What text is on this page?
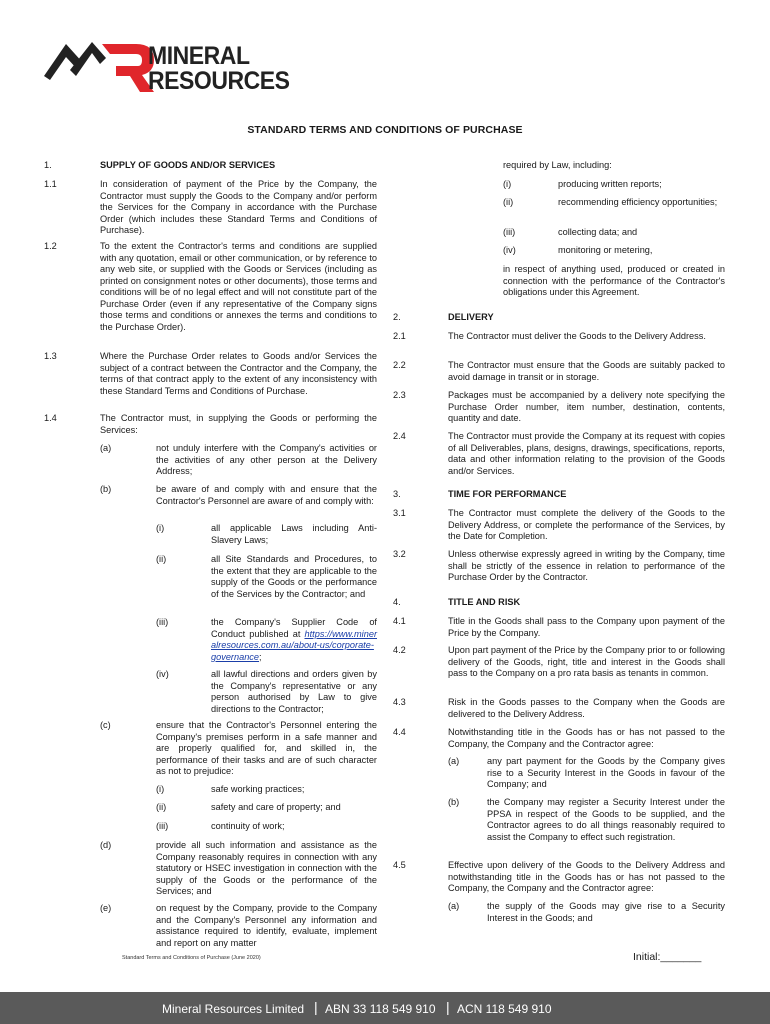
MINERAL
RESOURCES
STANDARD TERMS AND CONDITIONS OF PURCHASE
1.	SUPPLY OF GOODS AND/OR SERVICES
1.1	In consideration of payment of the Price by the Company, the Contractor must supply the Goods to the Company and/or perform the Services for the Company in accordance with the Purchase Order (which includes these Standard Terms and Conditions of Purchase).
1.2	To the extent the Contractor's terms and conditions are supplied with any quotation, email or other communication, or by reference to any web site, or supplied with the Goods or Services (including as printed on consignment notes or other documents), those terms and conditions will be of no legal effect and will not constitute part of the Purchase Order (even if any representative of the Company signs those terms and conditions or annexes the terms and conditions to the Purchase Order).
1.3	Where the Purchase Order relates to Goods and/or Services the subject of a contract between the Contractor and the Company, the terms of that contract apply to the extent of any inconsistency with these Standard Terms and Conditions of Purchase.
1.4	The Contractor must, in supplying the Goods or performing the Services:
(a)	not unduly interfere with the Company's activities or the activities of any other person at the Delivery Address;
(b)	be aware of and comply with and ensure that the Contractor's Personnel are aware of and comply with:
(i)	all applicable Laws including Anti-Slavery Laws;
(ii)	all Site Standards and Procedures, to the extent that they are applicable to the supply of the Goods or the performance of the Services by the Contractor; and
(iii)	the Company's Supplier Code of Conduct published at https://www.mineralresources.com.au/about-us/corporate-governance;
(iv)	all lawful directions and orders given by the Company's representative or any person authorised by Law to give directions to the Contractor;
(c)	ensure that the Contractor's Personnel entering the Company's premises perform in a safe manner and are properly qualified for, and skilled in, the performance of their tasks and are of such character as not to prejudice:
(i)	safe working practices;
(ii)	safety and care of property; and
(iii)	continuity of work;
(d)	provide all such information and assistance as the Company reasonably requires in connection with any statutory or HSEC investigation in connection with the supply of the Goods or the performance of the Services; and
(e)	on request by the Company, provide to the Company and the Company's Personnel any information and assistance required to identify, evaluate, implement and report on any matter
required by Law, including:
(i)	producing written reports;
(ii)	recommending efficiency opportunities;
(iii)	collecting data; and
(iv)	monitoring or metering,
in respect of anything used, produced or created in connection with the performance of the Contractor's obligations under this Agreement.
2.	DELIVERY
2.1	The Contractor must deliver the Goods to the Delivery Address.
2.2	The Contractor must ensure that the Goods are suitably packed to avoid damage in transit or in storage.
2.3	Packages must be accompanied by a delivery note specifying the Purchase Order number, item number, destination, contents, quantity and date.
2.4	The Contractor must provide the Company at its request with copies of all Deliverables, plans, designs, drawings, specifications, reports, data and other information relating to the provision of the Goods and/or Services.
3.	TIME FOR PERFORMANCE
3.1	The Contractor must complete the delivery of the Goods to the Delivery Address, or complete the performance of the Services, by the Date for Completion.
3.2	Unless otherwise expressly agreed in writing by the Company, time shall be strictly of the essence in relation to performance of the Purchase Order by the Contractor.
4.	TITLE AND RISK
4.1	Title in the Goods shall pass to the Company upon payment of the Price by the Company.
4.2	Upon part payment of the Price by the Company prior to or following delivery of the Goods, right, title and interest in the Goods shall pass to the Company on a pro rata basis as tenants in common.
4.3	Risk in the Goods passes to the Company when the Goods are delivered to the Delivery Address.
4.4	Notwithstanding title in the Goods has or has not passed to the Company, the Company and the Contractor agree:
(a)	any part payment for the Goods by the Company gives rise to a Security Interest in the Goods in favour of the Company; and
(b)	the Company may register a Security Interest under the PPSA in respect of the Goods to be supplied, and the Contractor agrees to do all things reasonably required to assist the Company to effect such registration.
4.5	Effective upon delivery of the Goods to the Delivery Address and notwithstanding title in the Goods has or has not passed to the Company, the Company and the Contractor agree:
(a)	the supply of the Goods may give rise to a Security Interest in the Goods; and
Standard Terms and Conditions of Purchase (June 2020)	Initial:_______
Mineral Resources Limited | ABN 33 118 549 910 | ACN 118 549 910
